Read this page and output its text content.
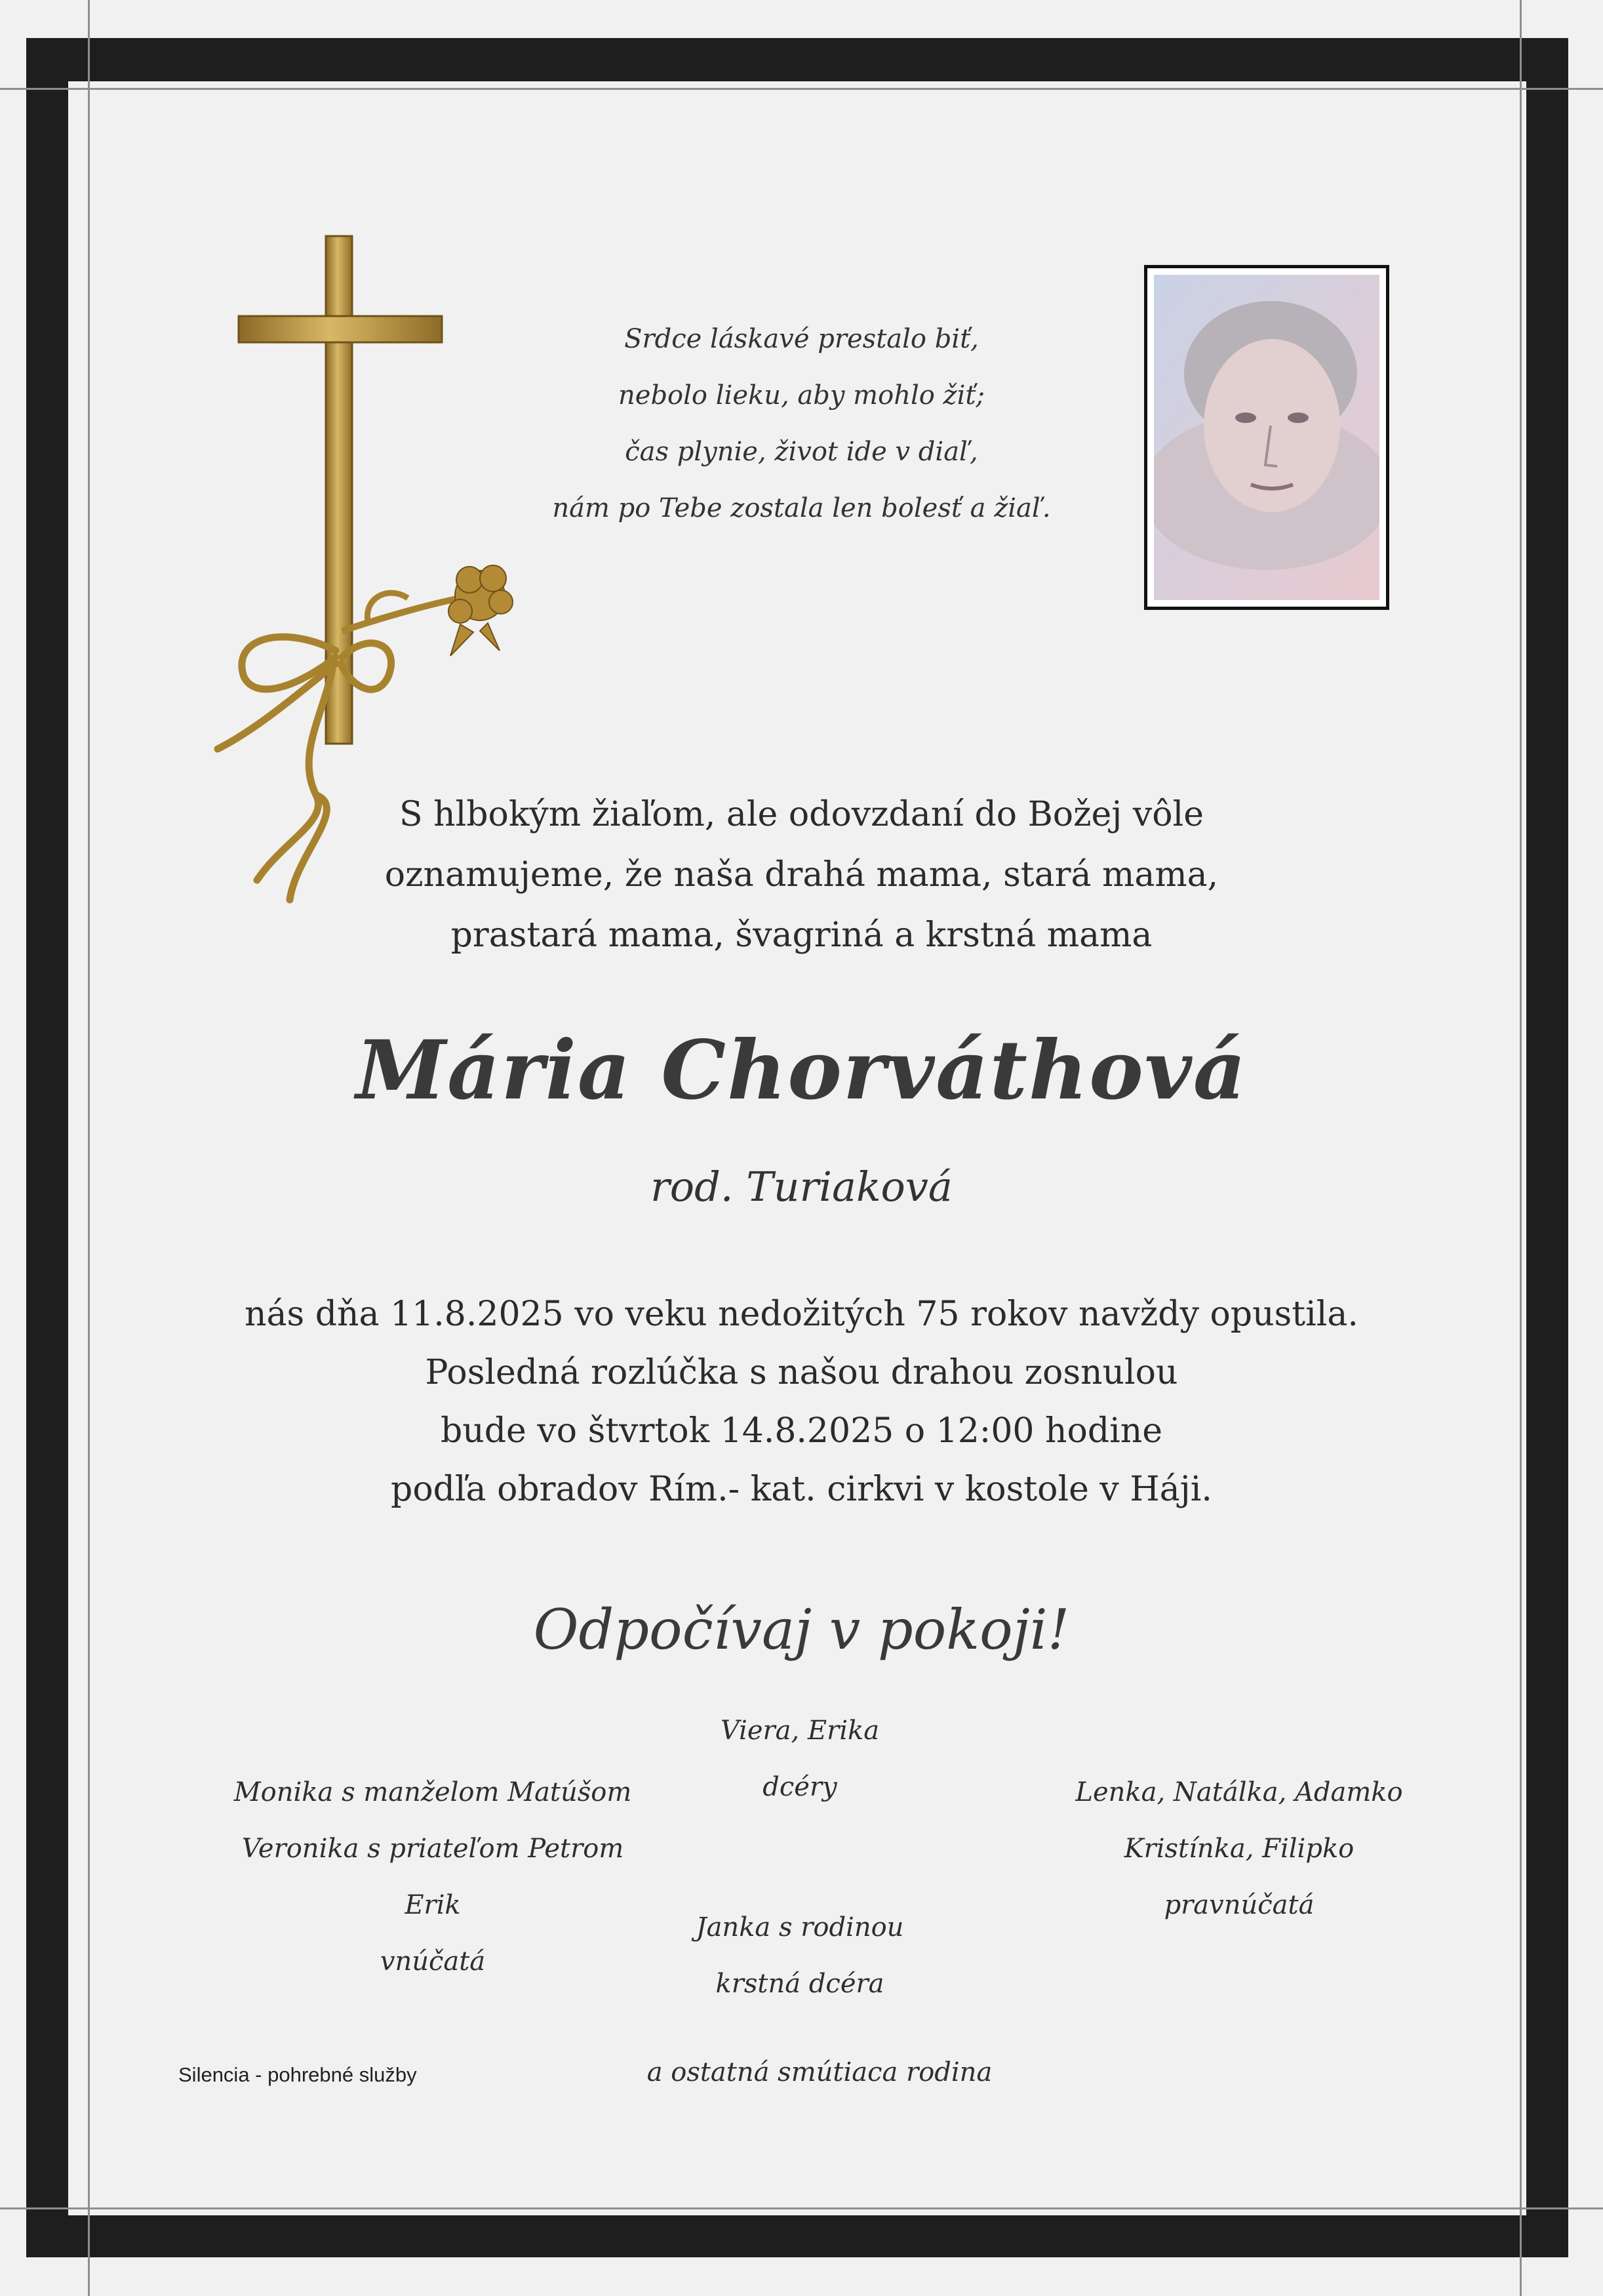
Srdce láskavé prestalo biť,
nebolo lieku, aby mohlo žiť;
čas plynie, život ide v diaľ,
nám po Tebe zostala len bolesť a žiaľ.
S hlbokým žiaľom, ale odovzdaní do Božej vôle
oznamujeme, že naša drahá mama, stará mama,
prastará mama, švagriná a krstná mama
Mária Chorváthová
rod. Turiaková
nás dňa 11.8.2025 vo veku nedožitých 75 rokov navždy opustila.
Posledná rozlúčka s našou drahou zosnulou
bude vo štvrtok 14.8.2025 o 12:00 hodine
podľa obradov Rím.- kat. cirkvi v kostole v Háji.
Odpočívaj v pokoji!
Monika s manželom Matúšom
Veronika s priateľom Petrom
Erik
vnúčatá
Viera, Erika
dcéry
Janka s rodinou
krstná dcéra
Lenka, Natálka, Adamko
Kristínka, Filipko
pravnúčatá
a ostatná smútiaca rodina
Silencia - pohrebné služby
